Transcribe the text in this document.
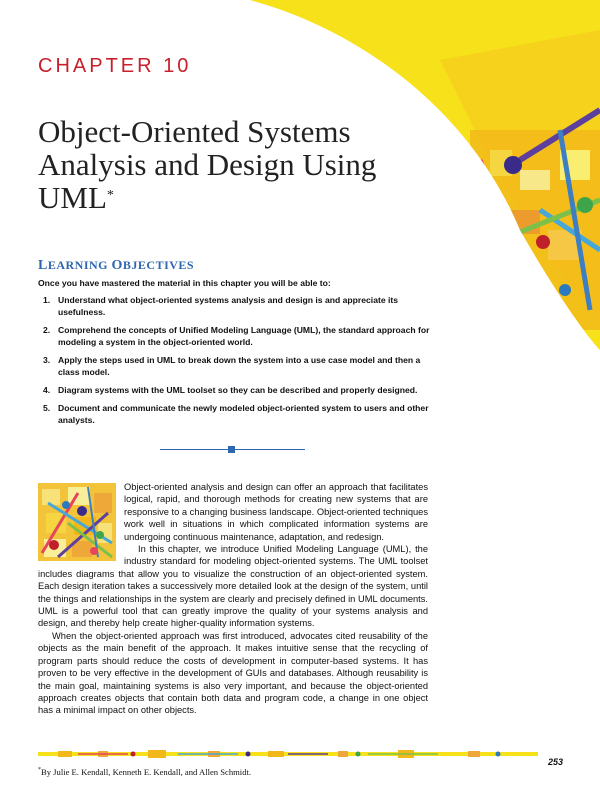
CHAPTER 10
Object-Oriented Systems Analysis and Design Using UML*
LEARNING OBJECTIVES
Once you have mastered the material in this chapter you will be able to:
1. Understand what object-oriented systems analysis and design is and appreciate its usefulness.
2. Comprehend the concepts of Unified Modeling Language (UML), the standard approach for modeling a system in the object-oriented world.
3. Apply the steps used in UML to break down the system into a use case model and then a class model.
4. Diagram systems with the UML toolset so they can be described and properly designed.
5. Document and communicate the newly modeled object-oriented system to users and other analysts.

Object-oriented analysis and design can offer an approach that facilitates logical, rapid, and thorough methods for creating new systems that are responsive to a changing business landscape. Object-oriented techniques work well in situations in which complicated information systems are undergoing continuous maintenance, adaptation, and redesign.

In this chapter, we introduce Unified Modeling Language (UML), the industry standard for modeling object-oriented systems. The UML toolset includes diagrams that allow you to visualize the construction of an object-oriented system. Each design iteration takes a successively more detailed look at the design of the system, until the things and relationships in the system are clearly and precisely defined in UML documents. UML is a powerful tool that can greatly improve the quality of your systems analysis and design, and thereby help create higher-quality information systems.

When the object-oriented approach was first introduced, advocates cited reusability of the objects as the main benefit of the approach. It makes intuitive sense that the recycling of program parts should reduce the costs of development in computer-based systems. It has proven to be very effective in the development of GUIs and databases. Although reusability is the main goal, maintaining systems is also very important, and because the object-oriented approach creates objects that contain both data and program code, a change in one object has a minimal impact on other objects.

253
*By Julie E. Kendall, Kenneth E. Kendall, and Allen Schmidt.
